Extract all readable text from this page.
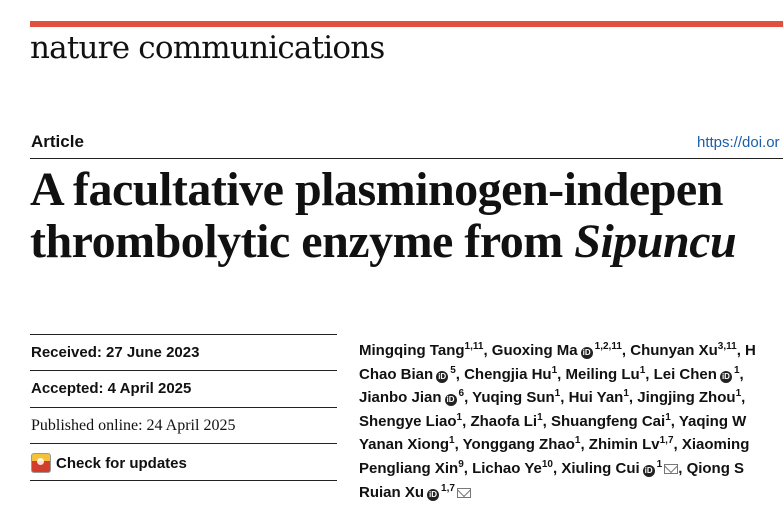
nature communications
Article	https://doi.or
A facultative plasminogen-indepen
thrombolytic enzyme from Sipuncu
Received: 27 June 2023
Accepted: 4 April 2025
Published online: 24 April 2025
Check for updates
Mingqing Tang$^{1,11}$, Guoxing Ma iD$^{1,2,11}$, Chunyan Xu$^{3,11}$, H
Chao Bian $iD^5$, Chengjia Hu$^1$, Meiling Lu$^1$, Lei Chen $iD^1$,
Jianbo Jian $iD^6$, Yuqing Sun$^1$, Hui Yan$^1$, Jingjing Zhou$^1$,
Shengye Liao$^1$, Zhaofa Li$^1$, Shuangfeng Cai$^1$, Yaqing W
Yanan Xiong$^1$, Yonggang Zhao$^1$, Zhimin Lv$^{1,7}$, Xiaoming
Pengliang Xin$^9$, Lichao Ye$^{10}$, Xiuling Cui $iD^1$ , Qiong S
Ruian Xu iD$^{1,7}$
